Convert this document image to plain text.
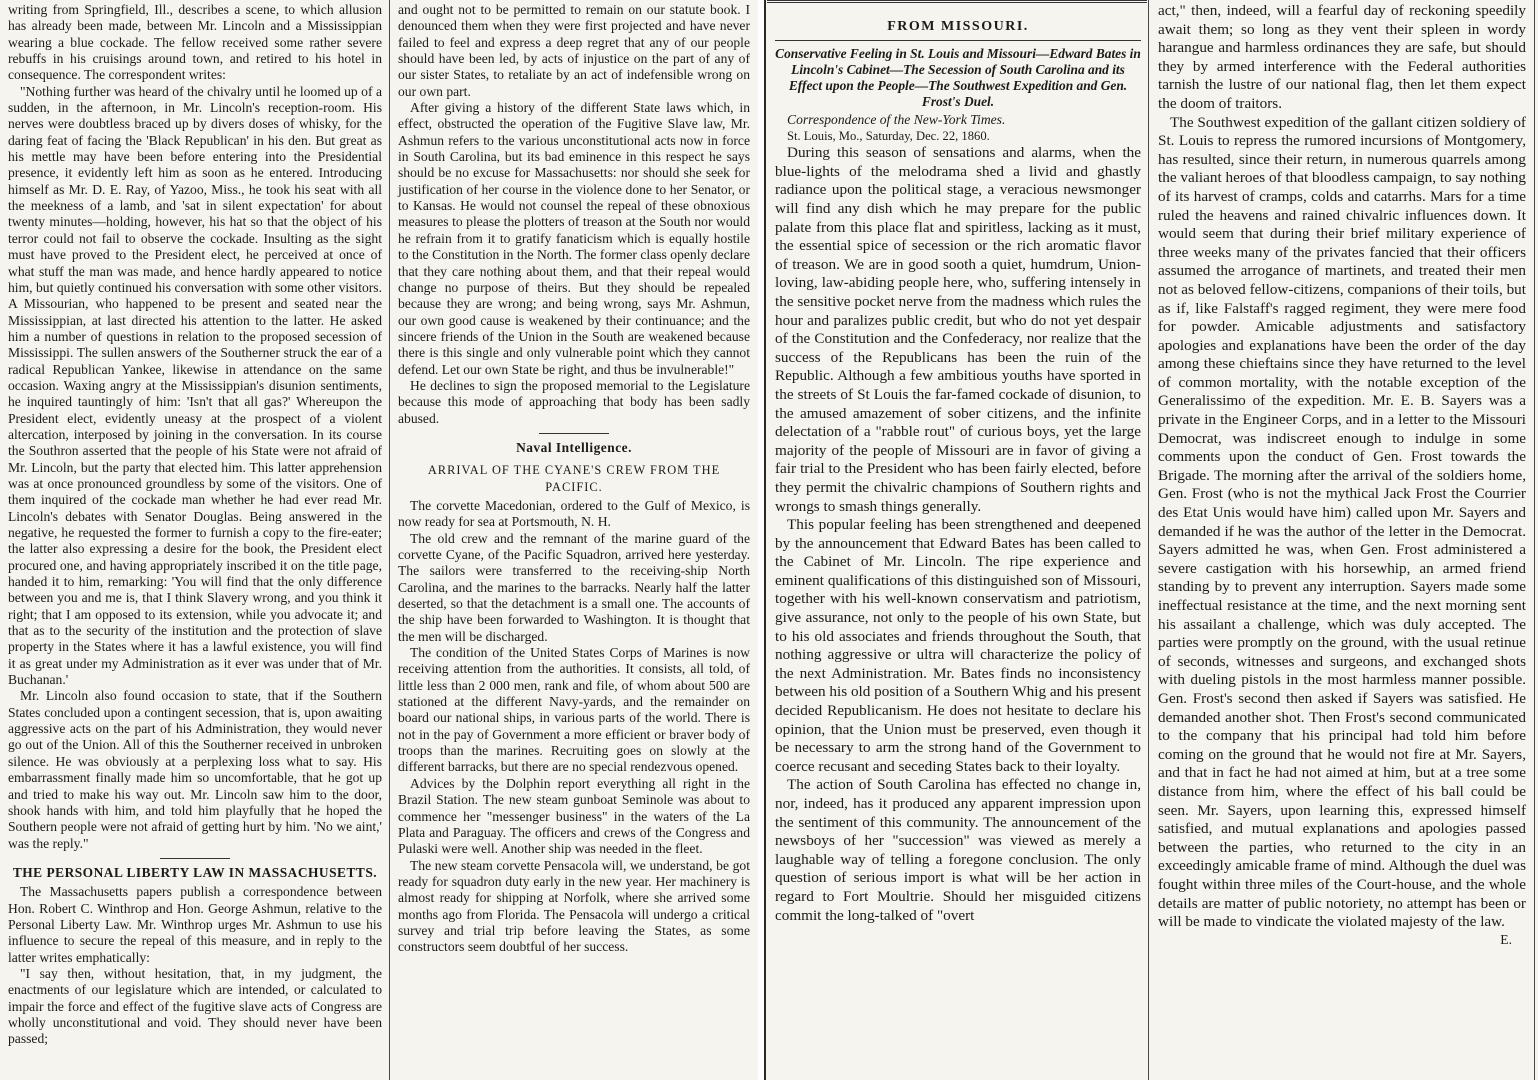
writing from Springfield, Ill., describes a scene, to which allusion has already been made, between Mr. Lincoln and a Mississippian wearing a blue cockade. The fellow received some rather severe rebuffs in his cruisings around town, and retired to his hotel in consequence. The correspondent writes:

"Nothing further was heard of the chivalry until he loomed up of a sudden, in the afternoon, in Mr. Lincoln's reception-room. His nerves were doubtless braced up by divers doses of whisky, for the daring feat of facing the 'Black Republican' in his den. But great as his mettle may have been before entering into the Presidential presence, it evidently left him as soon as he entered. Introducing himself as Mr. D. E. Ray, of Yazoo, Miss., he took his seat with all the meekness of a lamb, and 'sat in silent expectation' for about twenty minutes—holding, however, his hat so that the object of his terror could not fail to observe the cockade. Insulting as the sight must have proved to the President elect, he perceived at once of what stuff the man was made, and hence hardly appeared to notice him, but quietly continued his conversation with some other visitors. A Missourian, who happened to be present and seated near the Mississippian, at last directed his attention to the latter. He asked him a number of questions in relation to the proposed secession of Mississippi. The sullen answers of the Southerner struck the ear of a radical Republican Yankee, likewise in attendance on the same occasion. Waxing angry at the Mississippian's disunion sentiments, he inquired tauntingly of him: 'Isn't that all gas?' Whereupon the President elect, evidently uneasy at the prospect of a violent altercation, interposed by joining in the conversation. In its course the Southron asserted that the people of his State were not afraid of Mr. Lincoln, but the party that elected him. This latter apprehension was at once pronounced groundless by some of the visitors. One of them inquired of the cockade man whether he had ever read Mr. Lincoln's debates with Senator Douglas. Being answered in the negative, he requested the former to furnish a copy to the fire-eater; the latter also expressing a desire for the book, the President elect procured one, and having appropriately inscribed it on the title page, handed it to him, remarking: 'You will find that the only difference between you and me is, that I think Slavery wrong, and you think it right; that I am opposed to its extension, while you advocate it; and that as to the security of the institution and the protection of slave property in the States where it has a lawful existence, you will find it as great under my Administration as it ever was under that of Mr. Buchanan.'

Mr. Lincoln also found occasion to state, that if the Southern States concluded upon a contingent secession, that is, upon awaiting aggressive acts on the part of his Administration, they would never go out of the Union. All of this the Southerner received in unbroken silence. He was obviously at a perplexing loss what to say. His embarrassment finally made him so uncomfortable, that he got up and tried to make his way out. Mr. Lincoln saw him to the door, shook hands with him, and told him playfully that he hoped the Southern people were not afraid of getting hurt by him. 'No we aint,' was the reply."

THE PERSONAL LIBERTY LAW IN MASSACHUSETTS.

The Massachusetts papers publish a correspondence between Hon. Robert C. Winthrop and Hon. George Ashmun, relative to the Personal Liberty Law. Mr. Winthrop urges Mr. Ashmun to use his influence to secure the repeal of this measure, and in reply to the latter writes emphatically:

"I say then, without hesitation, that, in my judgment, the enactments of our legislature which are intended, or calculated to impair the force and effect of the fugitive slave acts of Congress are wholly unconstitutional and void. They should never have been passed;

and ought not to be permitted to remain on our statute book. I denounced them when they were first projected and have never failed to feel and express a deep regret that any of our people should have been led, by acts of injustice on the part of any of our sister States, to retaliate by an act of indefensible wrong on our own part.

After giving a history of the different State laws which, in effect, obstructed the operation of the Fugitive Slave law, Mr. Ashmun refers to the various unconstitutional acts now in force in South Carolina, but its bad eminence in this respect he says should be no excuse for Massachusetts: nor should she seek for justification of her course in the violence done to her Senator, or to Kansas. He would not counsel the repeal of these obnoxious measures to please the plotters of treason at the South nor would he refrain from it to gratify fanaticism which is equally hostile to the Constitution in the North. The former class openly declare that they care nothing about them, and that their repeal would change no purpose of theirs. But they should be repealed because they are wrong; and being wrong, says Mr. Ashmun, our own good cause is weakened by their continuance; and the sincere friends of the Union in the South are weakened because there is this single and only vulnerable point which they cannot defend. Let our own State be right, and thus be invulnerable!"

He declines to sign the proposed memorial to the Legislature because this mode of approaching that body has been sadly abused.

Naval Intelligence.
ARRIVAL OF THE CYANE'S CREW FROM THE PACIFIC.

The corvette Macedonian, ordered to the Gulf of Mexico, is now ready for sea at Portsmouth, N. H.

The old crew and the remnant of the marine guard of the corvette Cyane, of the Pacific Squadron, arrived here yesterday. The sailors were transferred to the receiving-ship North Carolina, and the marines to the barracks. Nearly half the latter deserted, so that the detachment is a small one. The accounts of the ship have been forwarded to Washington. It is thought that the men will be discharged.

The condition of the United States Corps of Marines is now receiving attention from the authorities. It consists, all told, of little less than 2 000 men, rank and file, of whom about 500 are stationed at the different Navy-yards, and the remainder on board our national ships, in various parts of the world. There is not in the pay of Government a more efficient or braver body of troops than the marines. Recruiting goes on slowly at the different barracks, but there are no special rendezvous opened.

Advices by the Dolphin report everything all right in the Brazil Station. The new steam gunboat Seminole was about to commence her "messenger business" in the waters of the La Plata and Paraguay. The officers and crews of the Congress and Pulaski were well. Another ship was needed in the fleet.

The new steam corvette Pensacola will, we understand, be got ready for squadron duty early in the new year. Her machinery is almost ready for shipping at Norfolk, where she arrived some months ago from Florida. The Pensacola will undergo a critical survey and trial trip before leaving the States, as some constructors seem doubtful of her success.

FROM MISSOURI.
Conservative Feeling in St. Louis and Missouri—Edward Bates in Lincoln's Cabinet—The Secession of South Carolina and its Effect upon the People—The Southwest Expedition and Gen. Frost's Duel.

Correspondence of the New-York Times.

St. Louis, Mo., Saturday, Dec. 22, 1860.

During this season of sensations and alarms, when the blue-lights of the melodrama shed a livid and ghastly radiance upon the political stage, a veracious newsmonger will find any dish which he may prepare for the public palate from this place flat and spiritless, lacking as it must, the essential spice of secession or the rich aromatic flavor of treason. We are in good sooth a quiet, humdrum, Union-loving, law-abiding people here, who, suffering intensely in the sensitive pocket nerve from the madness which rules the hour and paralizes public credit, but who do not yet despair of the Constitution and the Confederacy, nor realize that the success of the Republicans has been the ruin of the Republic. Although a few ambitious youths have sported in the streets of St Louis the far-famed cockade of disunion, to the amused amazement of sober citizens, and the infinite delectation of a "rabble rout" of curious boys, yet the large majority of the people of Missouri are in favor of giving a fair trial to the President who has been fairly elected, before they permit the chivalric champions of Southern rights and wrongs to smash things generally.

This popular feeling has been strengthened and deepened by the announcement that Edward Bates has been called to the Cabinet of Mr. Lincoln. The ripe experience and eminent qualifications of this distinguished son of Missouri, together with his well-known conservatism and patriotism, give assurance, not only to the people of his own State, but to his old associates and friends throughout the South, that nothing aggressive or ultra will characterize the policy of the next Administration. Mr. Bates finds no inconsistency between his old position of a Southern Whig and his present decided Republicanism. He does not hesitate to declare his opinion, that the Union must be preserved, even though it be necessary to arm the strong hand of the Government to coerce recusant and seceding States back to their loyalty.

The action of South Carolina has effected no change in, nor, indeed, has it produced any apparent impression upon the sentiment of this community. The announcement of the newsboys of her "succession" was viewed as merely a laughable way of telling a foregone conclusion. The only question of serious import is what will be her action in regard to Fort Moultrie. Should her misguided citizens commit the long-talked of "overt

act," then, indeed, will a fearful day of reckoning speedily await them; so long as they vent their spleen in wordy harangue and harmless ordinances they are safe, but should they by armed interference with the Federal authorities tarnish the lustre of our national flag, then let them expect the doom of traitors.

The Southwest expedition of the gallant citizen soldiery of St. Louis to repress the rumored incursions of Montgomery, has resulted, since their return, in numerous quarrels among the valiant heroes of that bloodless campaign, to say nothing of its harvest of cramps, colds and catarrhs. Mars for a time ruled the heavens and rained chivalric influences down. It would seem that during their brief military experience of three weeks many of the privates fancied that their officers assumed the arrogance of martinets, and treated their men not as beloved fellow-citizens, companions of their toils, but as if, like Falstaff's ragged regiment, they were mere food for powder. Amicable adjustments and satisfactory apologies and explanations have been the order of the day among these chieftains since they have returned to the level of common mortality, with the notable exception of the Generalissimo of the expedition. Mr. E. B. Sayers was a private in the Engineer Corps, and in a letter to the Missouri Democrat, was indiscreet enough to indulge in some comments upon the conduct of Gen. Frost towards the Brigade. The morning after the arrival of the soldiers home, Gen. Frost (who is not the mythical Jack Frost the Courrier des Etat Unis would have him) called upon Mr. Sayers and demanded if he was the author of the letter in the Democrat. Sayers admitted he was, when Gen. Frost administered a severe castigation with his horsewhip, an armed friend standing by to prevent any interruption. Sayers made some ineffectual resistance at the time, and the next morning sent his assailant a challenge, which was duly accepted. The parties were promptly on the ground, with the usual retinue of seconds, witnesses and surgeons, and exchanged shots with dueling pistols in the most harmless manner possible. Gen. Frost's second then asked if Sayers was satisfied. He demanded another shot. Then Frost's second communicated to the company that his principal had told him before coming on the ground that he would not fire at Mr. Sayers, and that in fact he had not aimed at him, but at a tree some distance from him, where the effect of his ball could be seen. Mr. Sayers, upon learning this, expressed himself satisfied, and mutual explanations and apologies passed between the parties, who returned to the city in an exceedingly amicable frame of mind. Although the duel was fought within three miles of the Court-house, and the whole details are matter of public notoriety, no attempt has been or will be made to vindicate the violated majesty of the law.

E.
